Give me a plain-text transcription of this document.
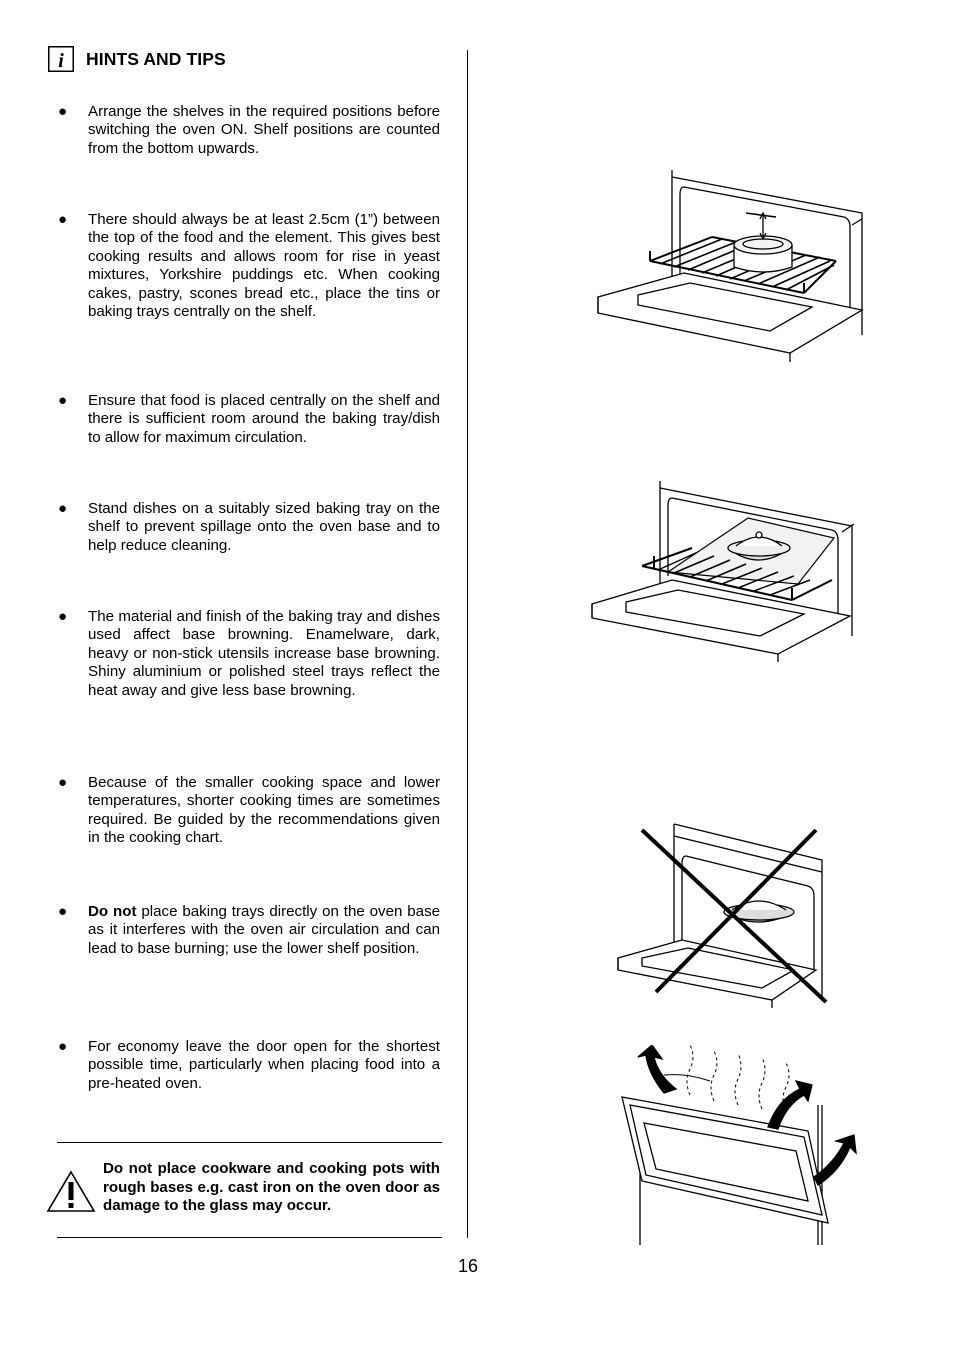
i HINTS AND TIPS
●	Arrange the shelves in the required positions before switching the oven ON. Shelf positions are counted from the bottom upwards.
●	There should always be at least 2.5cm (1”) between the top of the food and the element. This gives best cooking results and allows room for rise in yeast mixtures, Yorkshire puddings etc. When cooking cakes, pastry, scones bread etc., place the tins or baking trays centrally on the shelf.
●	Ensure that food is placed centrally on the shelf and there is sufficient room around the baking tray/dish to allow for maximum circulation.
●	Stand dishes on a suitably sized baking tray on the shelf to prevent spillage onto the oven base and to help reduce cleaning.
●	The material and finish of the baking tray and dishes used affect base browning. Enamelware, dark, heavy or non-stick utensils increase base browning. Shiny aluminium or polished steel trays reflect the heat away and give less base browning.
●	Because of the smaller cooking space and lower temperatures, shorter cooking times are sometimes required. Be guided by the recommendations given in the cooking chart.
●	Do not place baking trays directly on the oven base as it interferes with the oven air circulation and can lead to base burning; use the lower shelf position.
●	For economy leave the door open for the shortest possible time, particularly when placing food into a pre-heated oven.
Do not place cookware and cooking pots with rough bases e.g. cast iron on the oven door as damage to the glass may occur.
16
